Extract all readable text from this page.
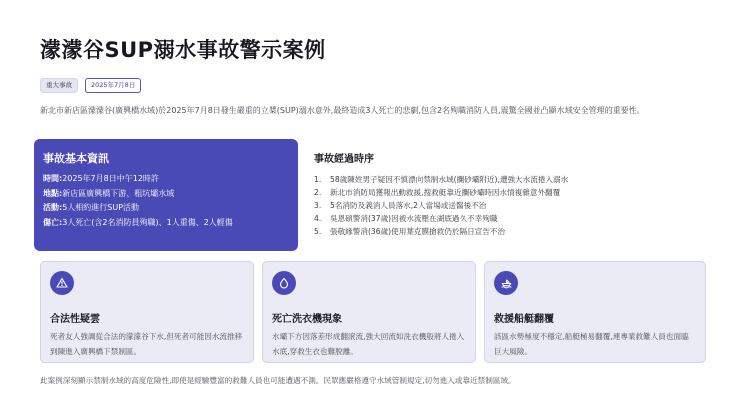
濛濛谷SUP溺水事故警示案例
重大事故	2025年7月8日
新北市新店區濛濛谷(廣興橋水域)於2025年7月8日發生嚴重的立槳(SUP)溺水意外,最終造成3人死亡的悲劇,包含2名殉職消防人員,震驚全國並凸顯水域安全管理的重要性。
事故基本資訊
時間:2025年7月8日中午12時許
地點:新店區廣興橋下游、粗坑壩水域
活動:5人相約進行SUP活動
傷亡:3人死亡(含2名消防員殉職)、1人重傷、2人輕傷
事故經過時序
1.	58歲陳姓男子疑因不慎漂向禁制水域(攔砂壩附近),遭強大水流捲入溺水
2.	新北市消防局獲報出動救援,搜救艇靠近攔砂壩時因水情複雜意外翻覆
3.	5名消防及義消人員落水,2人當場或送醫後不治
4.	吳恩碩警消(37歲)因被水流壓在湖底過久不幸殉職
5.	張敬緣警消(36歲)使用葉克膜搶救仍於隔日宣告不治
合法性疑雲
死者友人強調從合法的濛濛谷下水,但死者可能因水流推移到陳進入廣興橋下禁制區。
死亡洗衣機現象
水壩下方因落差形成翻滾流,強大回流如洗衣機般將人捲入水底,穿救生衣也難脫離。
救援船艇翻覆
該區水勢極度不穩定,船艇極易翻覆,連專業救難人員也面臨巨大風險。
此案例深刻顯示禁制水域的高度危險性,即使是經驗豐富的救難人員也可能遭遇不測。民眾應嚴格遵守水域管制規定,切勿進入或靠近禁制區域。
